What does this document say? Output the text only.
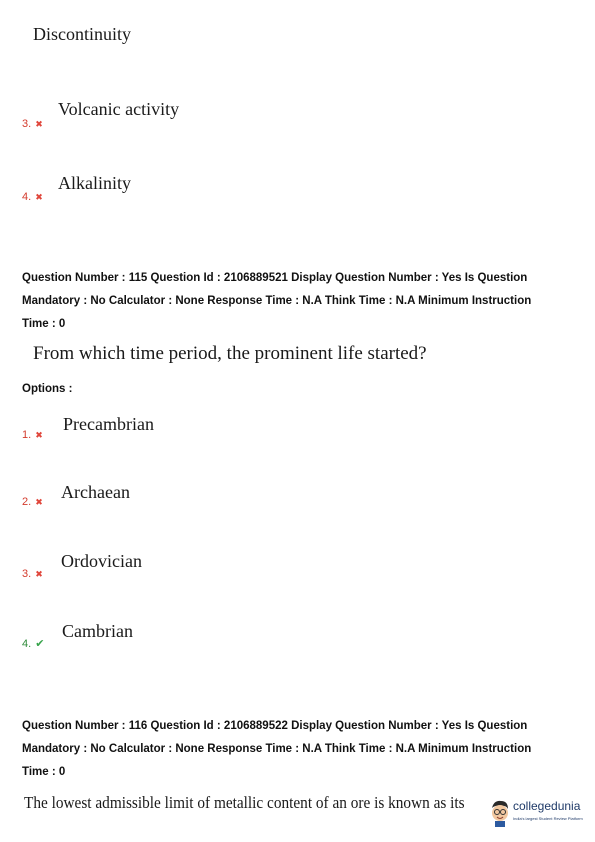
Discontinuity
3. ✖
Volcanic activity
4. ✖
Alkalinity
Question Number : 115 Question Id : 2106889521 Display Question Number : Yes Is Question
Mandatory : No Calculator : None Response Time : N.A Think Time : N.A Minimum Instruction
Time : 0
From which time period, the prominent life started?
Options :
1. ✖
Precambrian
2. ✖ Archaean
3. ✖
Ordovician
4. ✔
Cambrian
Question Number : 116 Question Id : 2106889522 Display Question Number : Yes Is Question
Mandatory : No Calculator : None Response Time : N.A Think Time : N.A Minimum Instruction
Time : 0
The lowest admissible limit of metallic content of an ore is known as its	collegedunia
India's largest Student Review Platform
